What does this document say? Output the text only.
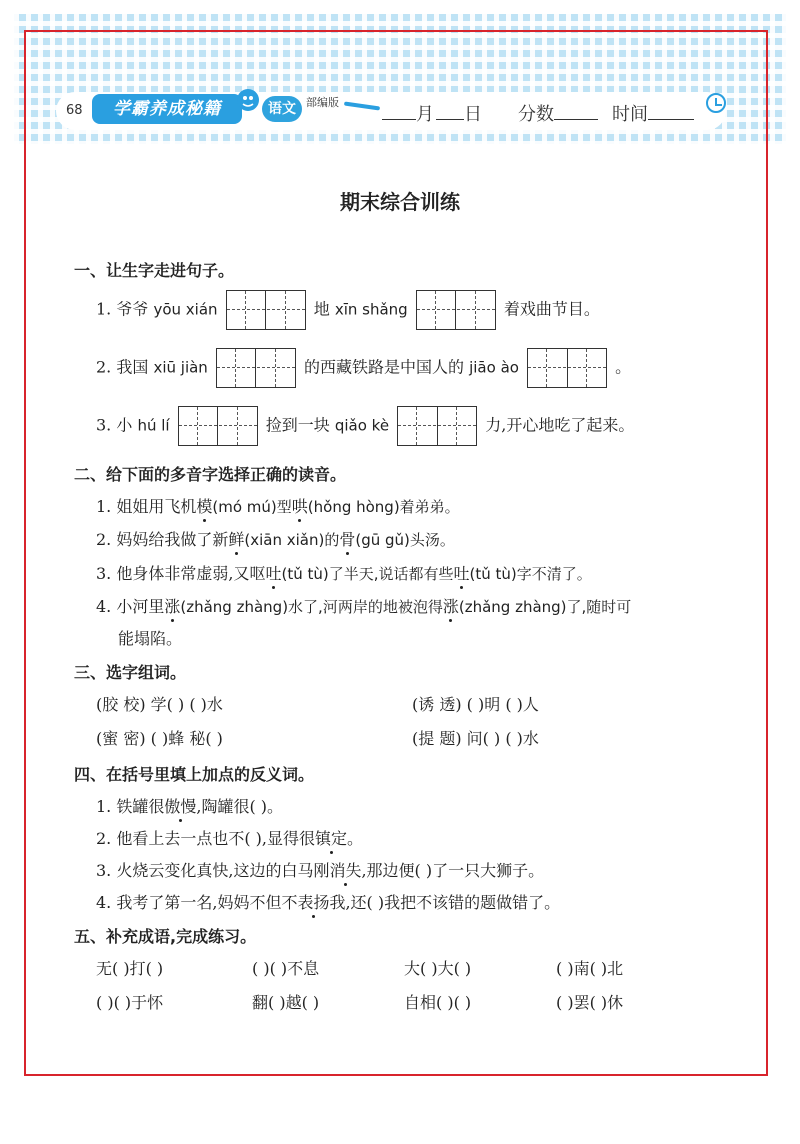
68	学霸养成秘籍	语文 部编版
月	日 分数	时间
期末综合训练
一、让生字走进句子。
1. 爷爷 yōu xián	地 xīn shǎng	着戏曲节目。
2. 我国 xiū jiàn	的西藏铁路是中国人的 jiāo ào	。
3. 小 hú lí	捡到一块 qiǎo kè	力,开心地吃了起来。
二、给下面的多音字选择正确的读音。
1. 姐姐用飞机模(mó mú)型哄(hǒng hòng)着弟弟。
2. 妈妈给我做了新鲜(xiān xiǎn)的骨(gū gǔ)头汤。
3. 他身体非常虚弱,又呕吐(tǔ tù)了半天,说话都有些吐(tǔ tù)字不清了。
4. 小河里涨(zhǎng zhàng)水了,河两岸的地被泡得涨(zhǎng zhàng)了,随时可
能塌陷。
三、选字组词。
(胶 校) 学( ) ( )水	(诱 透) ( )明 ( )人
(蜜 密) ( )蜂 秘( )	(提 题) 问( ) ( )水
四、在括号里填上加点的反义词。
1. 铁罐很傲慢,陶罐很( )。
2. 他看上去一点也不( ),显得很镇定。
3. 火烧云变化真快,这边的白马刚消失,那边便( )了一只大狮子。
4. 我考了第一名,妈妈不但不表扬我,还( )我把不该错的题做错了。
五、补充成语,完成练习。
无( )打( )	( )( )不息	大( )大( )	( )南( )北
( )( )于怀	翻( )越( )	自相( )( )	( )罢( )休
